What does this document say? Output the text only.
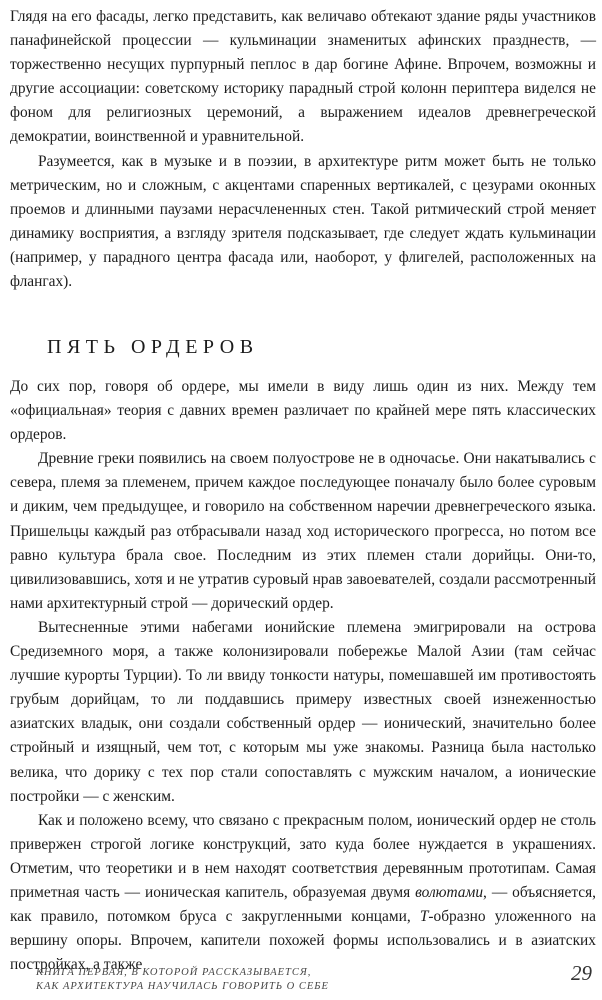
Глядя на его фасады, легко представить, как величаво обтекают здание ряды участников панафинейской процессии — кульминации знаменитых афинских празднеств, — торжественно несущих пурпурный пеплос в дар богине Афине. Впрочем, возможны и другие ассоциации: советскому историку парадный строй колонн периптера виделся не фоном для религиозных церемоний, а выражением идеалов древнегреческой демократии, воинственной и уравнительной.

Разумеется, как в музыке и в поэзии, в архитектуре ритм может быть не только метрическим, но и сложным, с акцентами спаренных вертикалей, с цезурами оконных проемов и длинными паузами нерасчлененных стен. Такой ритмический строй меняет динамику восприятия, а взгляду зрителя подсказывает, где следует ждать кульминации (например, у парадного центра фасада или, наоборот, у флигелей, расположенных на флангах).

ПЯТЬ ОРДЕРОВ

До сих пор, говоря об ордере, мы имели в виду лишь один из них. Между тем «официальная» теория с давних времен различает по крайней мере пять классических ордеров.

Древние греки появились на своем полуострове не в одночасье. Они накатывались с севера, племя за племенем, причем каждое последующее поначалу было более суровым и диким, чем предыдущее, и говорило на собственном наречии древнегреческого языка. Пришельцы каждый раз отбрасывали назад ход исторического прогресса, но потом все равно культура брала свое. Последним из этих племен стали дорийцы. Они-то, цивилизовавшись, хотя и не утратив суровый нрав завоевателей, создали рассмотренный нами архитектурный строй — дорический ордер.

Вытесненные этими набегами ионийские племена эмигрировали на острова Средиземного моря, а также колонизировали побережье Малой Азии (там сейчас лучшие курорты Турции). То ли ввиду тонкости натуры, помешавшей им противостоять грубым дорийцам, то ли поддавшись примеру известных своей изнеженностью азиатских владык, они создали собственный ордер — ионический, значительно более стройный и изящный, чем тот, с которым мы уже знакомы. Разница была настолько велика, что дорику с тех пор стали сопоставлять с мужским началом, а ионические постройки — с женским.

Как и положено всему, что связано с прекрасным полом, ионический ордер не столь привержен строгой логике конструкций, зато куда более нуждается в украшениях. Отметим, что теоретики и в нем находят соответствия деревянным прототипам. Самая приметная часть — ионическая капитель, образуемая двумя волютами, — объясняется, как правило, потомком бруса с закругленными концами, Т-образно уложенного на вершину опоры. Впрочем, капители похожей формы использовались и в азиатских постройках, а также

КНИГА ПЕРВАЯ, В КОТОРОЙ РАССКАЗЫВАЕТСЯ,
КАК АРХИТЕКТУРА НАУЧИЛАСЬ ГОВОРИТЬ О СЕБЕ
29
